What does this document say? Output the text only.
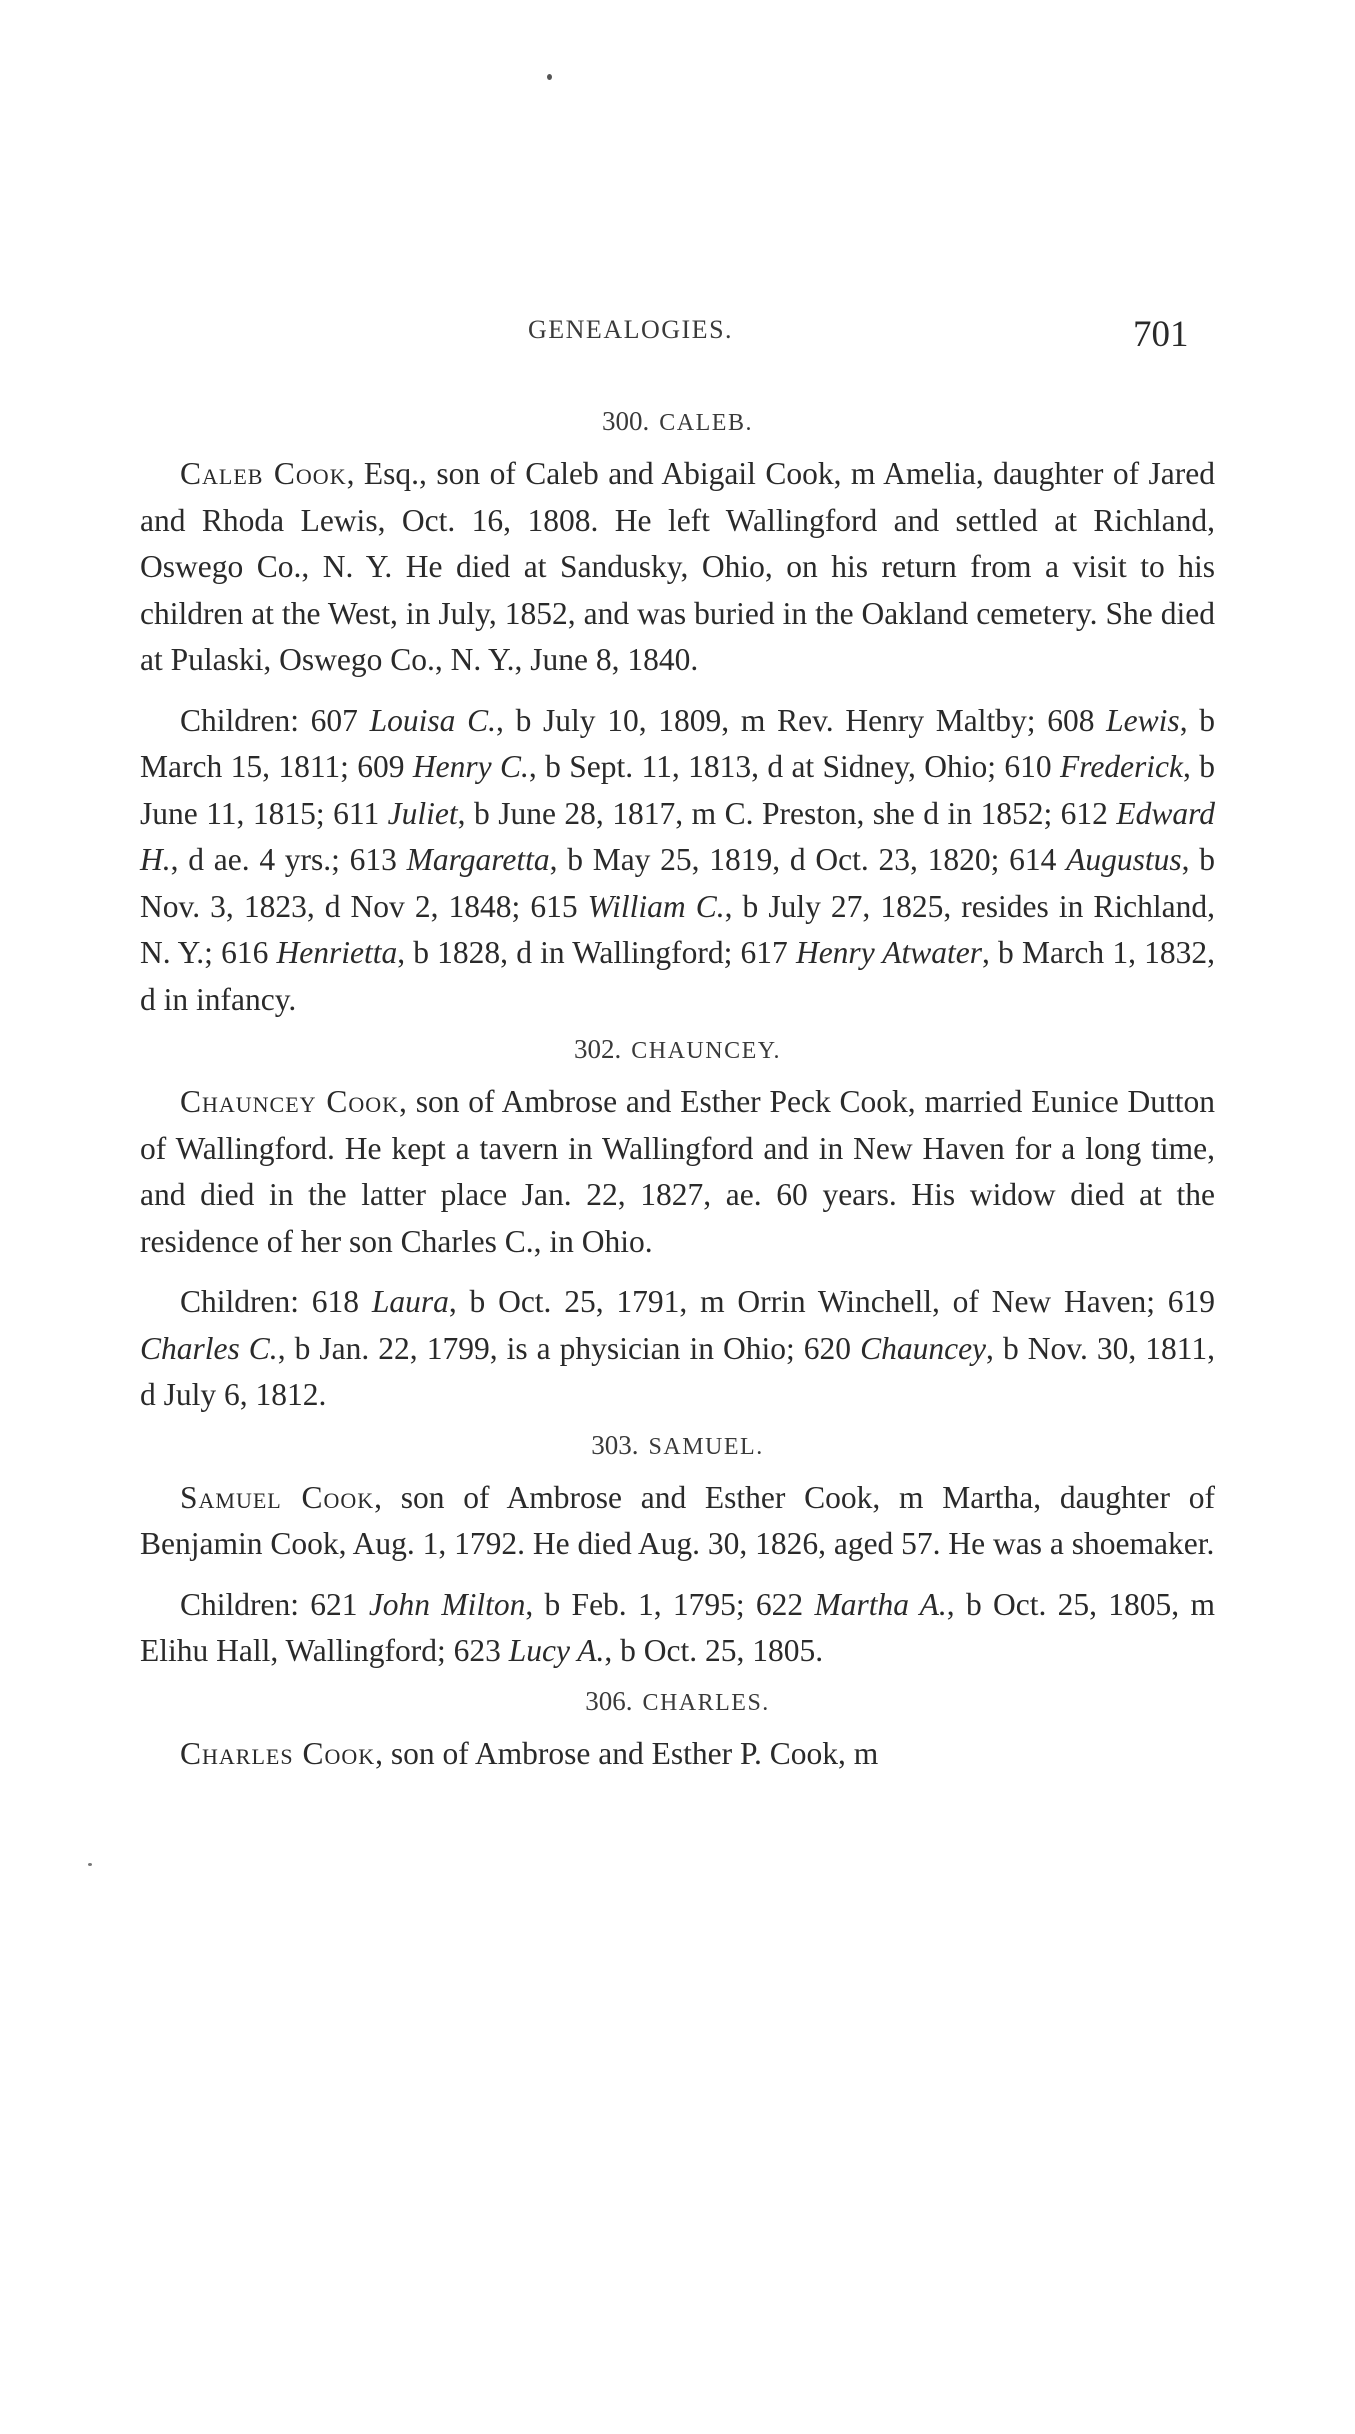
GENEALOGIES.	701
300. CALEB.

Caleb Cook, Esq., son of Caleb and Abigail Cook, m Amelia, daughter of Jared and Rhoda Lewis, Oct. 16, 1808. He left Wallingford and settled at Richland, Oswego Co., N. Y. He died at Sandusky, Ohio, on his return from a visit to his children at the West, in July, 1852, and was buried in the Oakland cemetery. She died at Pulaski, Oswego Co., N. Y., June 8, 1840.

Children: 607 Louisa C., b July 10, 1809, m Rev. Henry Maltby; 608 Lewis, b March 15, 1811; 609 Henry C., b Sept. 11, 1813, d at Sidney, Ohio; 610 Frederick, b June 11, 1815; 611 Juliet, b June 28, 1817, m C. Preston, she d in 1852; 612 Edward H., d ae. 4 yrs.; 613 Margaretta, b May 25, 1819, d Oct. 23, 1820; 614 Augustus, b Nov. 3, 1823, d Nov 2, 1848; 615 William C., b July 27, 1825, resides in Richland, N. Y.; 616 Henrietta, b 1828, d in Wallingford; 617 Henry Atwater, b March 1, 1832, d in infancy.

302. CHAUNCEY.

Chauncey Cook, son of Ambrose and Esther Peck Cook, married Eunice Dutton of Wallingford. He kept a tavern in Wallingford and in New Haven for a long time, and died in the latter place Jan. 22, 1827, ae. 60 years. His widow died at the residence of her son Charles C., in Ohio.

Children: 618 Laura, b Oct. 25, 1791, m Orrin Winchell, of New Haven; 619 Charles C., b Jan. 22, 1799, is a physician in Ohio; 620 Chauncey, b Nov. 30, 1811, d July 6, 1812.

303. SAMUEL.

Samuel Cook, son of Ambrose and Esther Cook, m Martha, daughter of Benjamin Cook, Aug. 1, 1792. He died Aug. 30, 1826, aged 57. He was a shoemaker.

Children: 621 John Milton, b Feb. 1, 1795; 622 Martha A., b Oct. 25, 1805, m Elihu Hall, Wallingford; 623 Lucy A., b Oct. 25, 1805.

306. CHARLES.

Charles Cook, son of Ambrose and Esther P. Cook, m
